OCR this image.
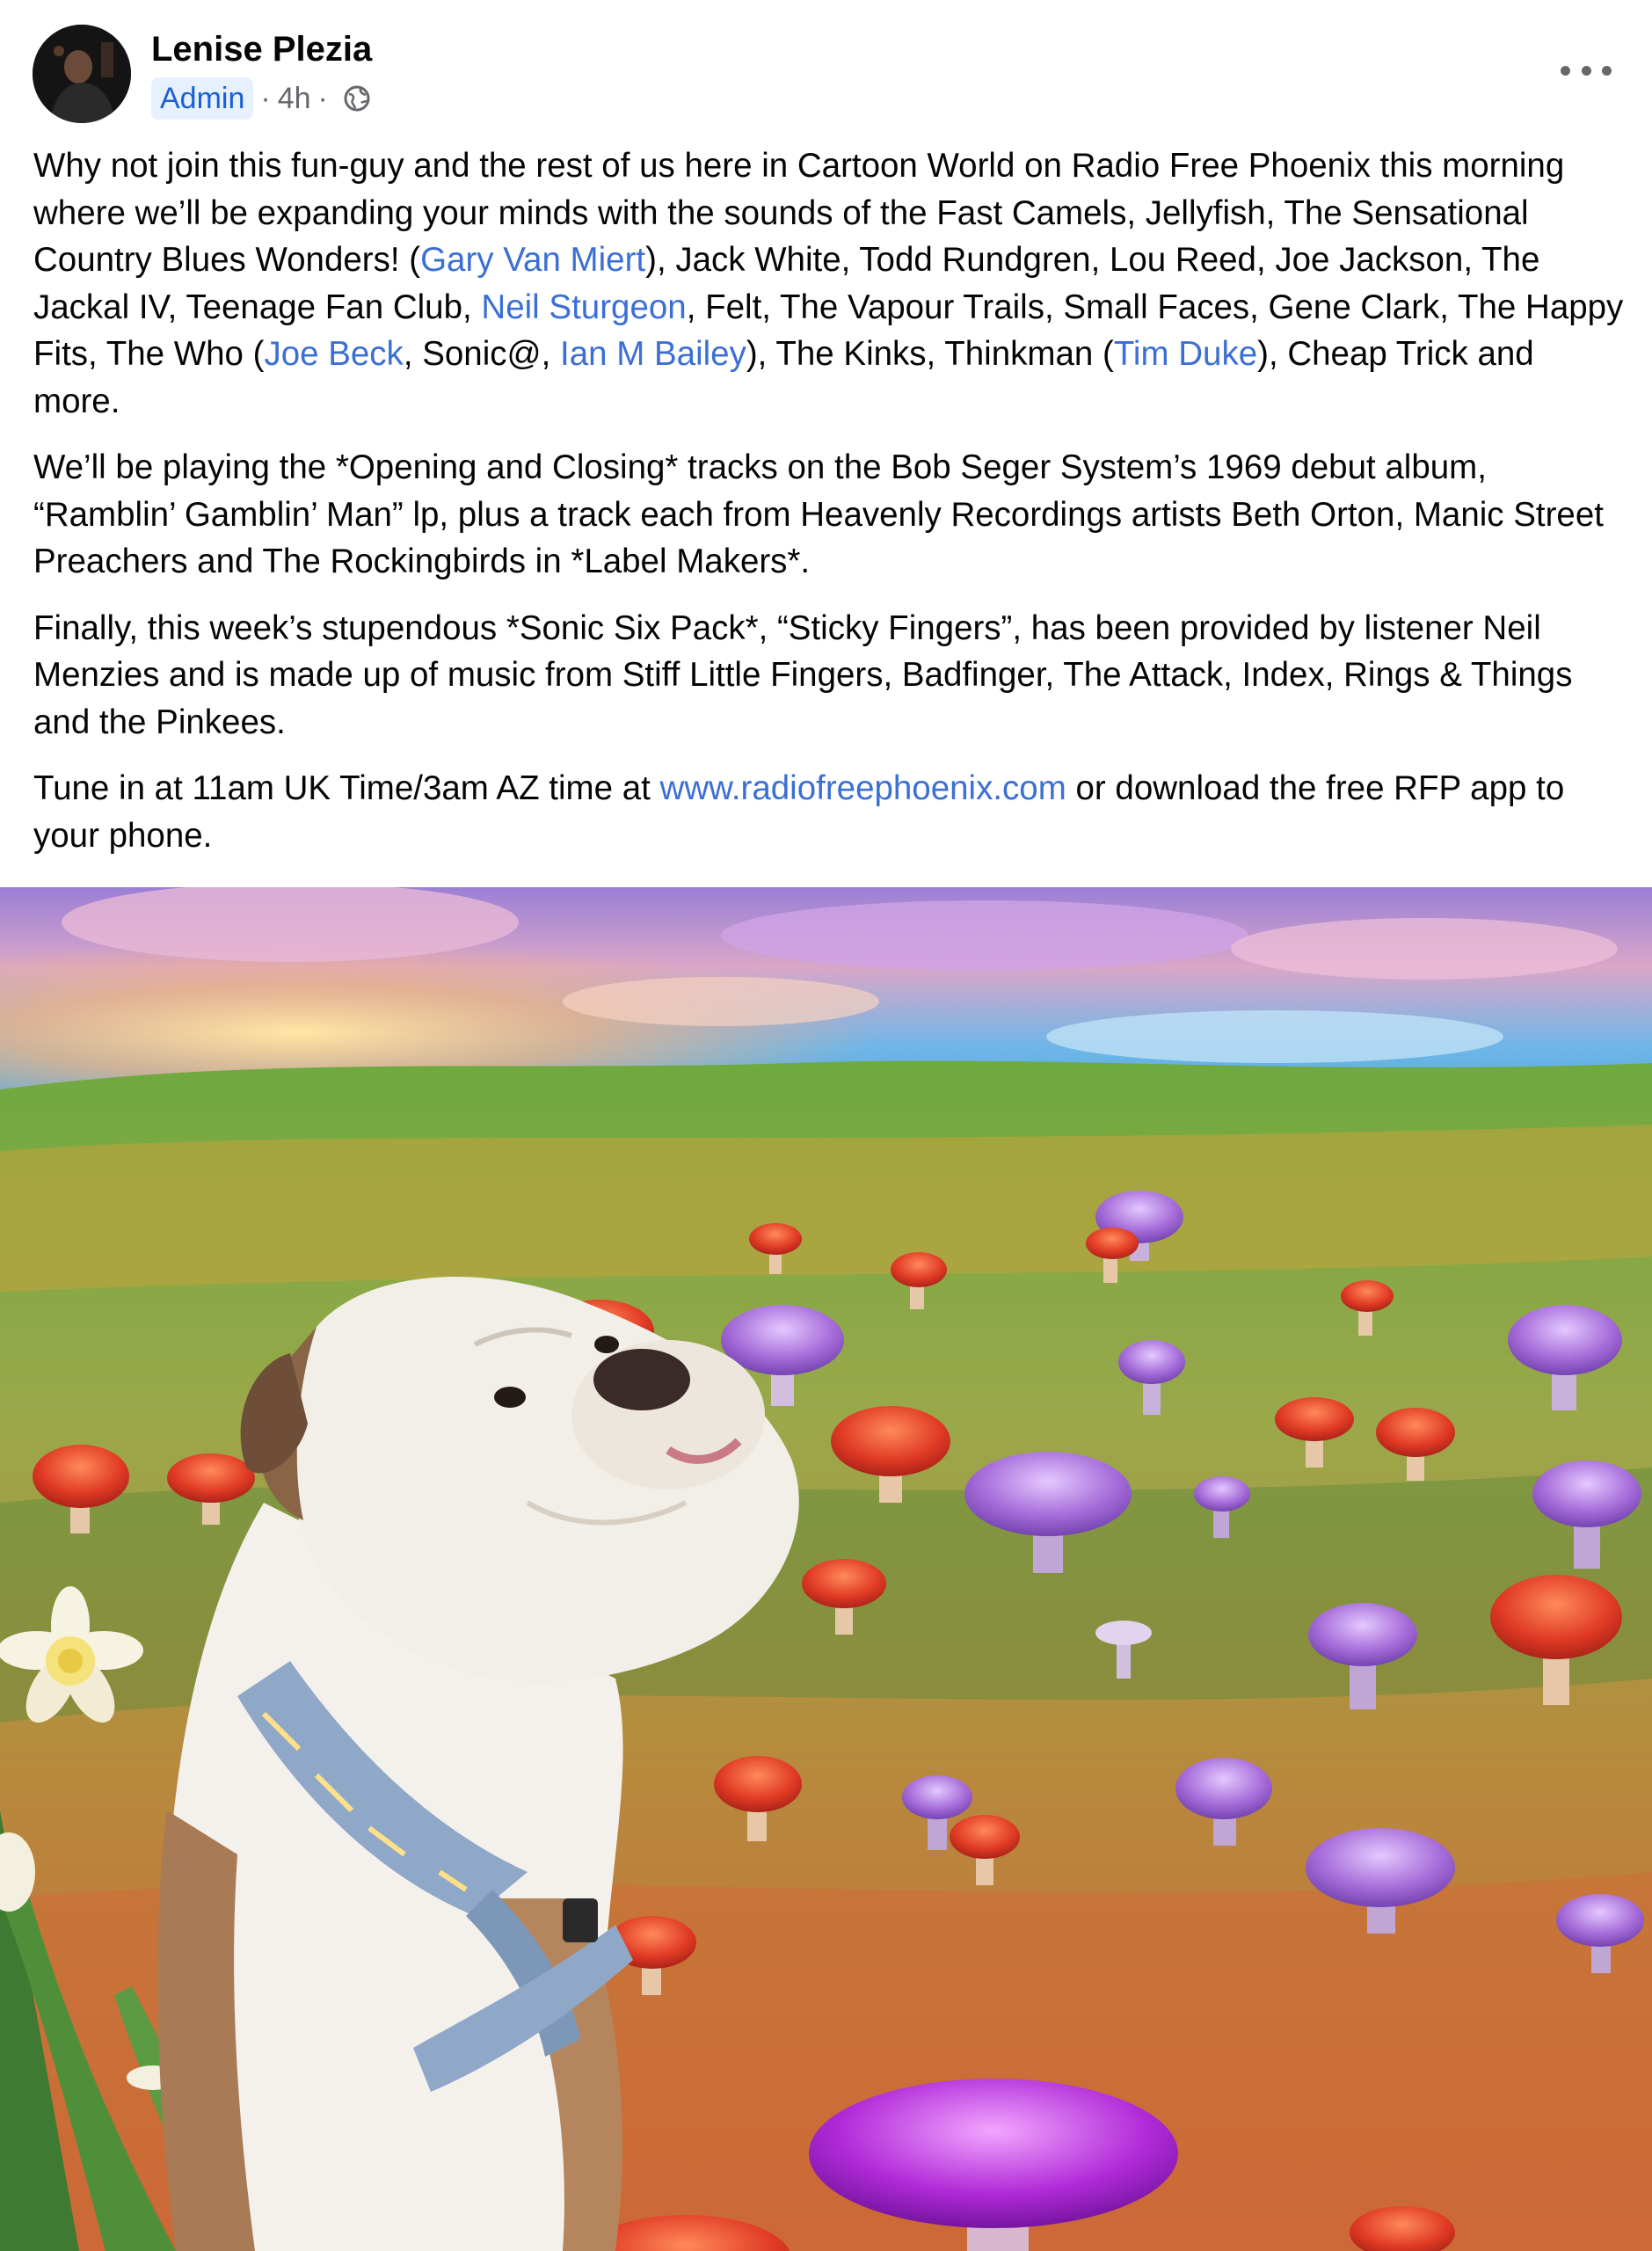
Lenise Plezia
Admin · 4h ·

Why not join this fun-guy and the rest of us here in Cartoon World on Radio Free Phoenix this morning where we’ll be expanding your minds with the sounds of the Fast Camels, Jellyfish, The Sensational Country Blues Wonders! (Gary Van Miert), Jack White, Todd Rundgren, Lou Reed, Joe Jackson, The Jackal IV, Teenage Fan Club, Neil Sturgeon, Felt, The Vapour Trails, Small Faces, Gene Clark, The Happy Fits, The Who (Joe Beck, Sonic@, Ian M Bailey), The Kinks, Thinkman (Tim Duke), Cheap Trick and more.

We’ll be playing the *Opening and Closing* tracks on the Bob Seger System’s 1969 debut album, “Ramblin’ Gamblin’ Man” lp, plus a track each from Heavenly Recordings artists Beth Orton, Manic Street Preachers and The Rockingbirds in *Label Makers*.

Finally, this week’s stupendous *Sonic Six Pack*, “Sticky Fingers”, has been provided by listener Neil Menzies and is made up of music from Stiff Little Fingers, Badfinger, The Attack, Index, Rings & Things and the Pinkees.

Tune in at 11am UK Time/3am AZ time at www.radiofreephoenix.com or download the free RFP app to your phone.
